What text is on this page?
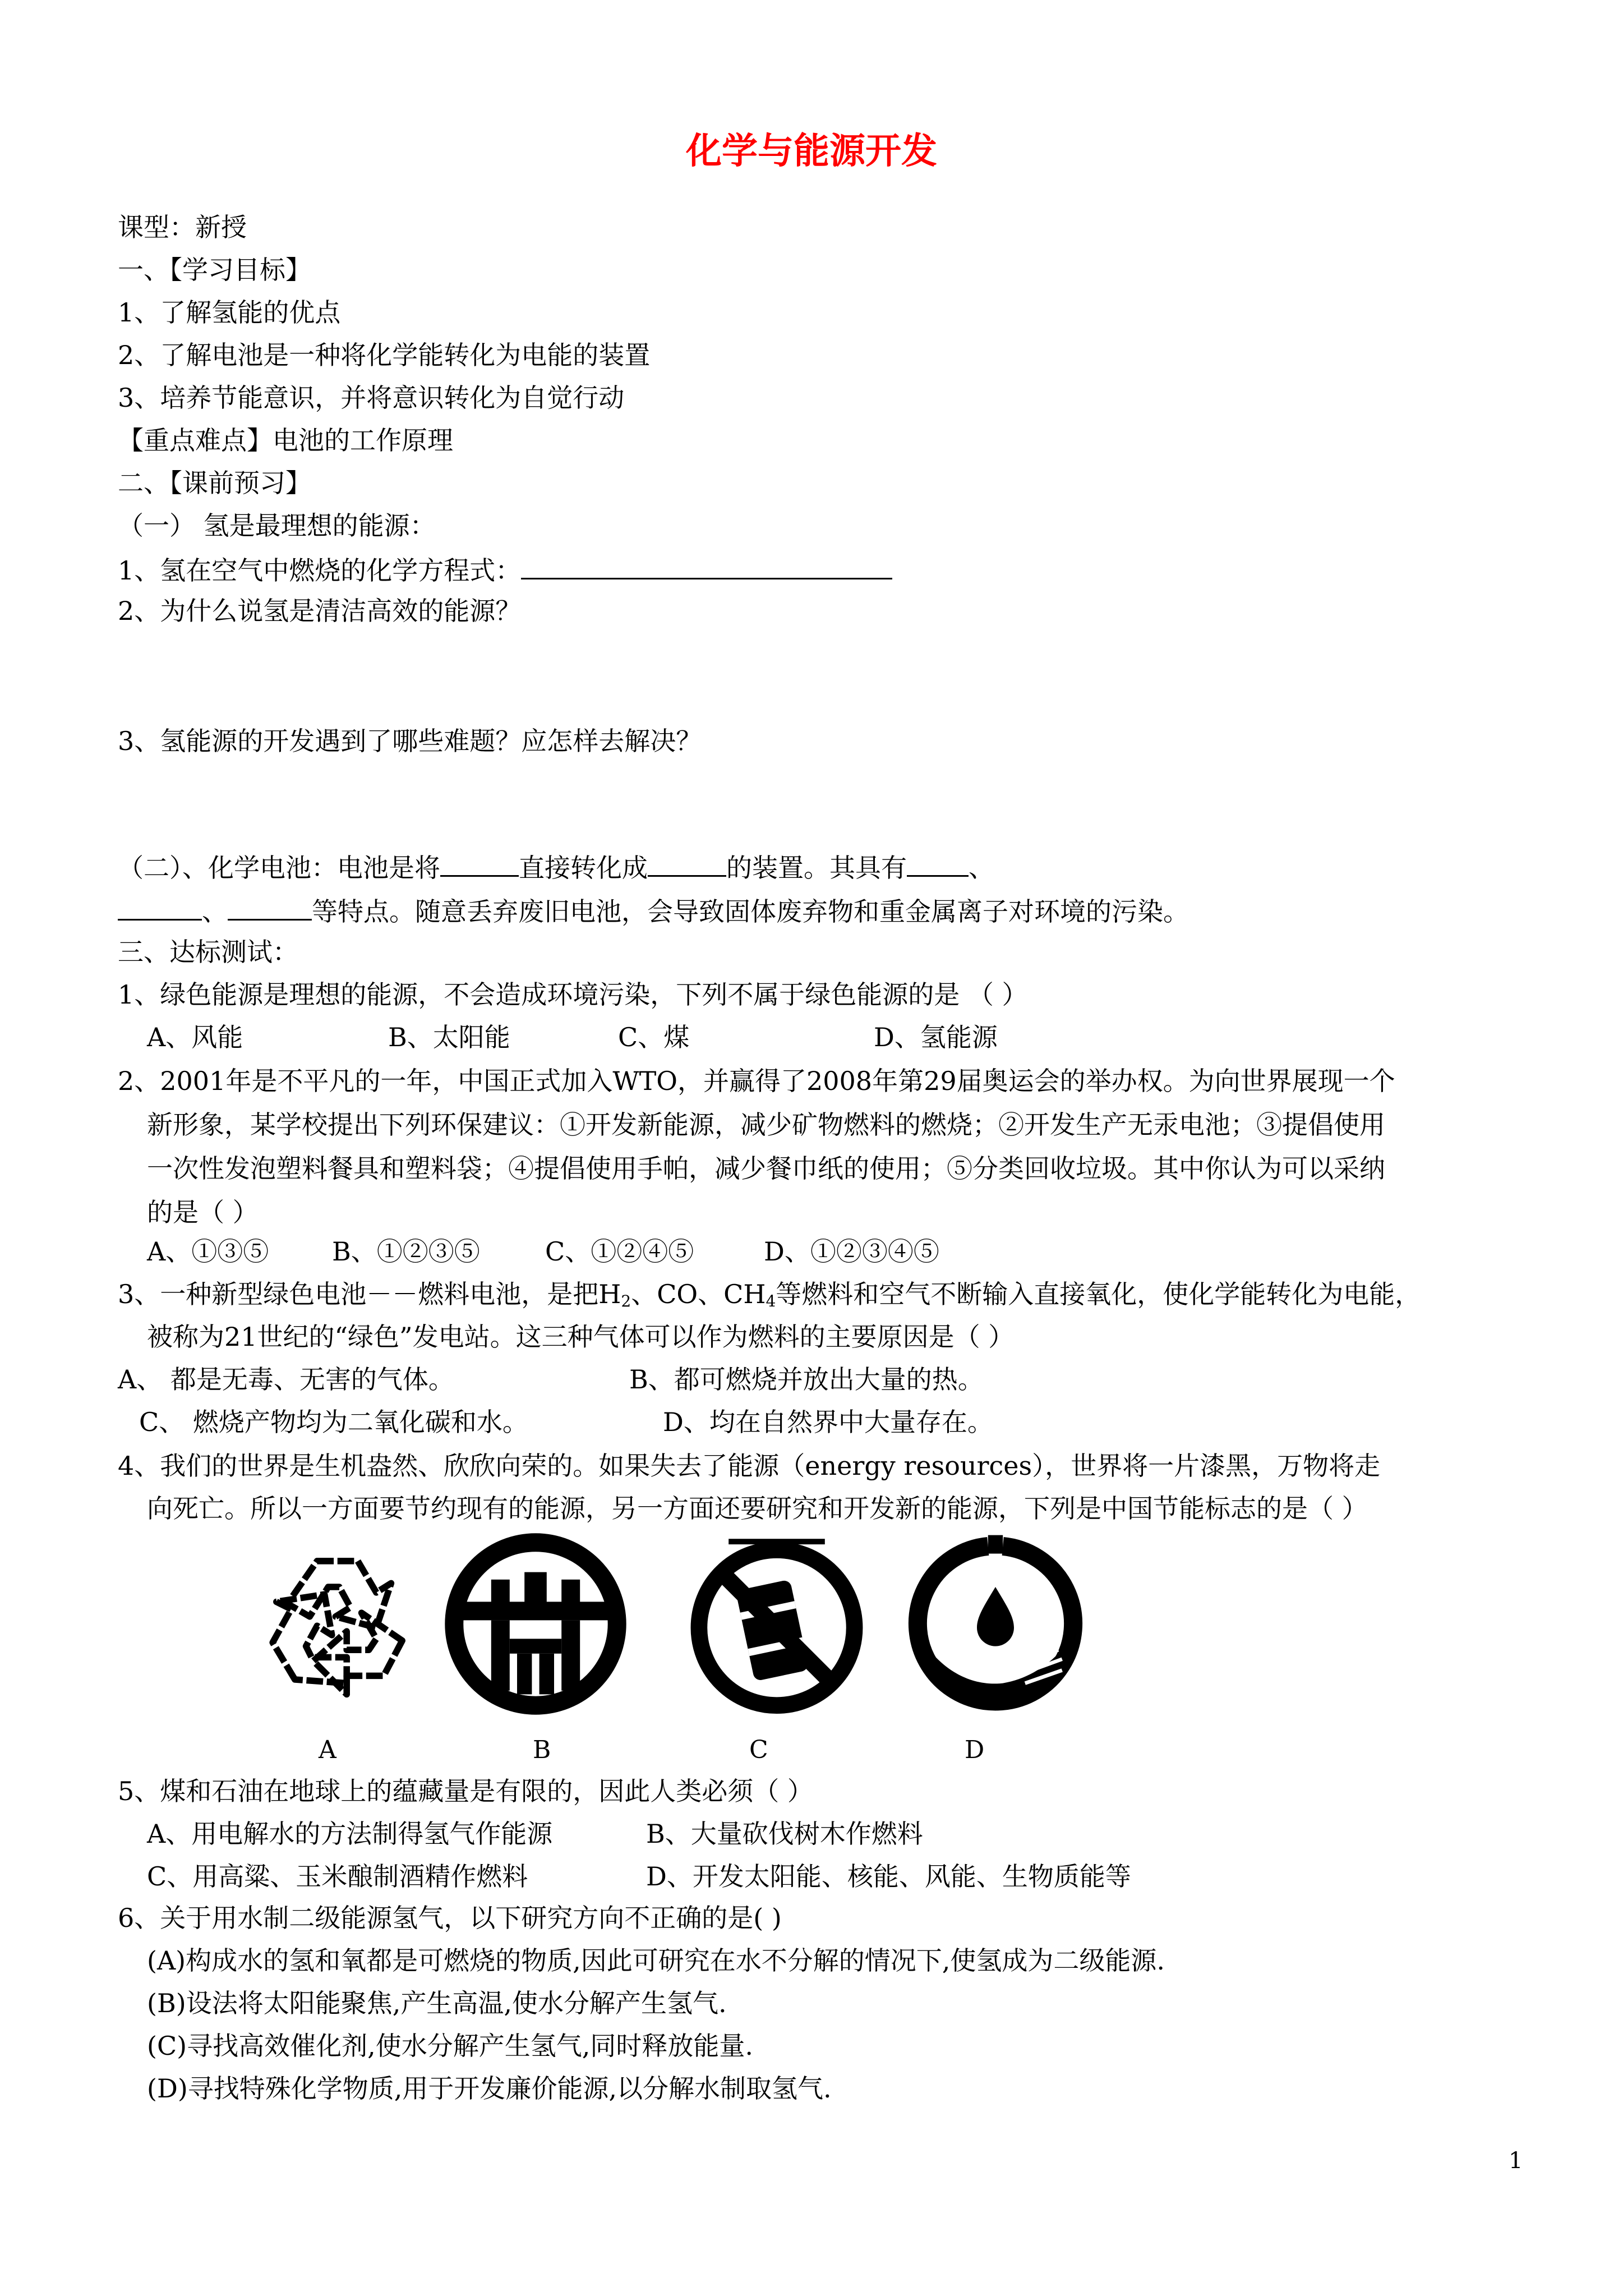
化学与能源开发
课型：新授
一、【学习目标】
1、了解氢能的优点
2、了解电池是一种将化学能转化为电能的装置
3、培养节能意识，并将意识转化为自觉行动
【重点难点】电池的工作原理
二、【课前预习】
（一） 氢是最理想的能源：
1、氢在空气中燃烧的化学方程式：
2、为什么说氢是清洁高效的能源？
3、氢能源的开发遇到了哪些难题？应怎样去解决？
（二）、化学电池：电池是将	直接转化成	的装置。其具有 、
、	等特点。随意丢弃废旧电池，会导致固体废弃物和重金属离子对环境的污染。
三、达标测试：
1、绿色能源是理想的能源，不会造成环境污染，下列不属于绿色能源的是 （ ）
A、风能	B、太阳能	C、煤	D、氢能源
2、2001年是不平凡的一年，中国正式加入WTO，并赢得了2008年第29届奥运会的举办权。为向世界展现一个
新形象，某学校提出下列环保建议：①开发新能源，减少矿物燃料的燃烧；②开发生产无汞电池；③提倡使用
一次性发泡塑料餐具和塑料袋；④提倡使用手帕，减少餐巾纸的使用；⑤分类回收垃圾。其中你认为可以采纳
的是（ ）
A、①③⑤ B、①②③⑤	C、①②④⑤	D、①②③④⑤
3、一种新型绿色电池－－燃料电池，是把$H_2$、CO、$CH_4$等燃料和空气不断输入直接氧化，使化学能转化为电能，
被称为21世纪的“绿色”发电站。这三种气体可以作为燃料的主要原因是（ ）
A、 都是无毒、无害的气体。	B、都可燃烧并放出大量的热。
C、 燃烧产物均为二氧化碳和水。	D、均在自然界中大量存在。
4、我们的世界是生机盎然、欣欣向荣的。如果失去了能源（energy resources），世界将一片漆黑，万物将走
向死亡。所以一方面要节约现有的能源，另一方面还要研究和开发新的能源，下列是中国节能标志的是（ ）
A	B	C	D
5、煤和石油在地球上的蕴藏量是有限的，因此人类必须（ ）
A、用电解水的方法制得氢气作能源	B、大量砍伐树木作燃料
C、用高粱、玉米酿制酒精作燃料	D、开发太阳能、核能、风能、生物质能等
6、关于用水制二级能源氢气，以下研究方向不正确的是( )
(A)构成水的氢和氧都是可燃烧的物质,因此可研究在水不分解的情况下,使氢成为二级能源.
(B)设法将太阳能聚焦,产生高温,使水分解产生氢气.
(C)寻找高效催化剂,使水分解产生氢气,同时释放能量.
(D)寻找特殊化学物质,用于开发廉价能源,以分解水制取氢气.
1
